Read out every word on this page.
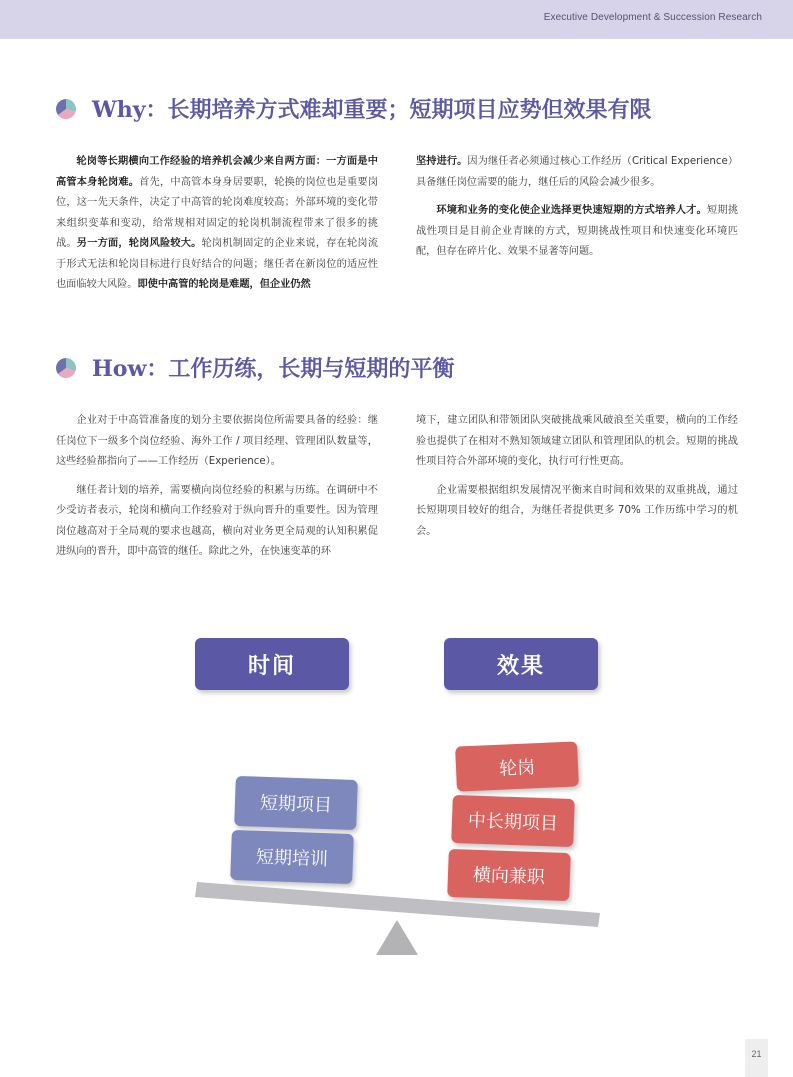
Executive Development & Succession Research
Why：长期培养方式难却重要；短期项目应势但效果有限

轮岗等长期横向工作经验的培养机会减少来自两方面：一方面是中高管本身轮岗难。首先，中高管本身身居要职，轮换的岗位也是重要岗位，这一先天条件，决定了中高管的轮岗难度较高；外部环境的变化带来组织变革和变动，给常规相对固定的轮岗机制流程带来了很多的挑战。另一方面，轮岗风险较大。轮岗机制固定的企业来说，存在轮岗流于形式无法和轮岗目标进行良好结合的问题；继任者在新岗位的适应性也面临较大风险。即使中高管的轮岗是难题，但企业仍然

坚持进行。因为继任者必须通过核心工作经历（Critical Experience）具备继任岗位需要的能力，继任后的风险会减少很多。

环境和业务的变化使企业选择更快速短期的方式培养人才。短期挑战性项目是目前企业青睐的方式，短期挑战性项目和快速变化环境匹配，但存在碎片化、效果不显著等问题。

How：工作历练，长期与短期的平衡

企业对于中高管准备度的划分主要依据岗位所需要具备的经验：继任岗位下一级多个岗位经验、海外工作 / 项目经理、管理团队数量等，这些经验都指向了——工作经历（Experience）。

继任者计划的培养，需要横向岗位经验的积累与历练。在调研中不少受访者表示，轮岗和横向工作经验对于纵向晋升的重要性。因为管理岗位越高对于全局观的要求也越高，横向对业务更全局观的认知积累促进纵向的晋升，即中高管的继任。除此之外，在快速变革的环

境下，建立团队和带领团队突破挑战乘风破浪至关重要，横向的工作经验也提供了在相对不熟知领域建立团队和管理团队的机会。短期的挑战性项目符合外部环境的变化，执行可行性更高。

企业需要根据组织发展情况平衡来自时间和效果的双重挑战，通过长短期项目较好的组合，为继任者提供更多 70% 工作历练中学习的机会。

时间	效果
轮岗
中长期项目
横向兼职
短期项目
短期培训
21
